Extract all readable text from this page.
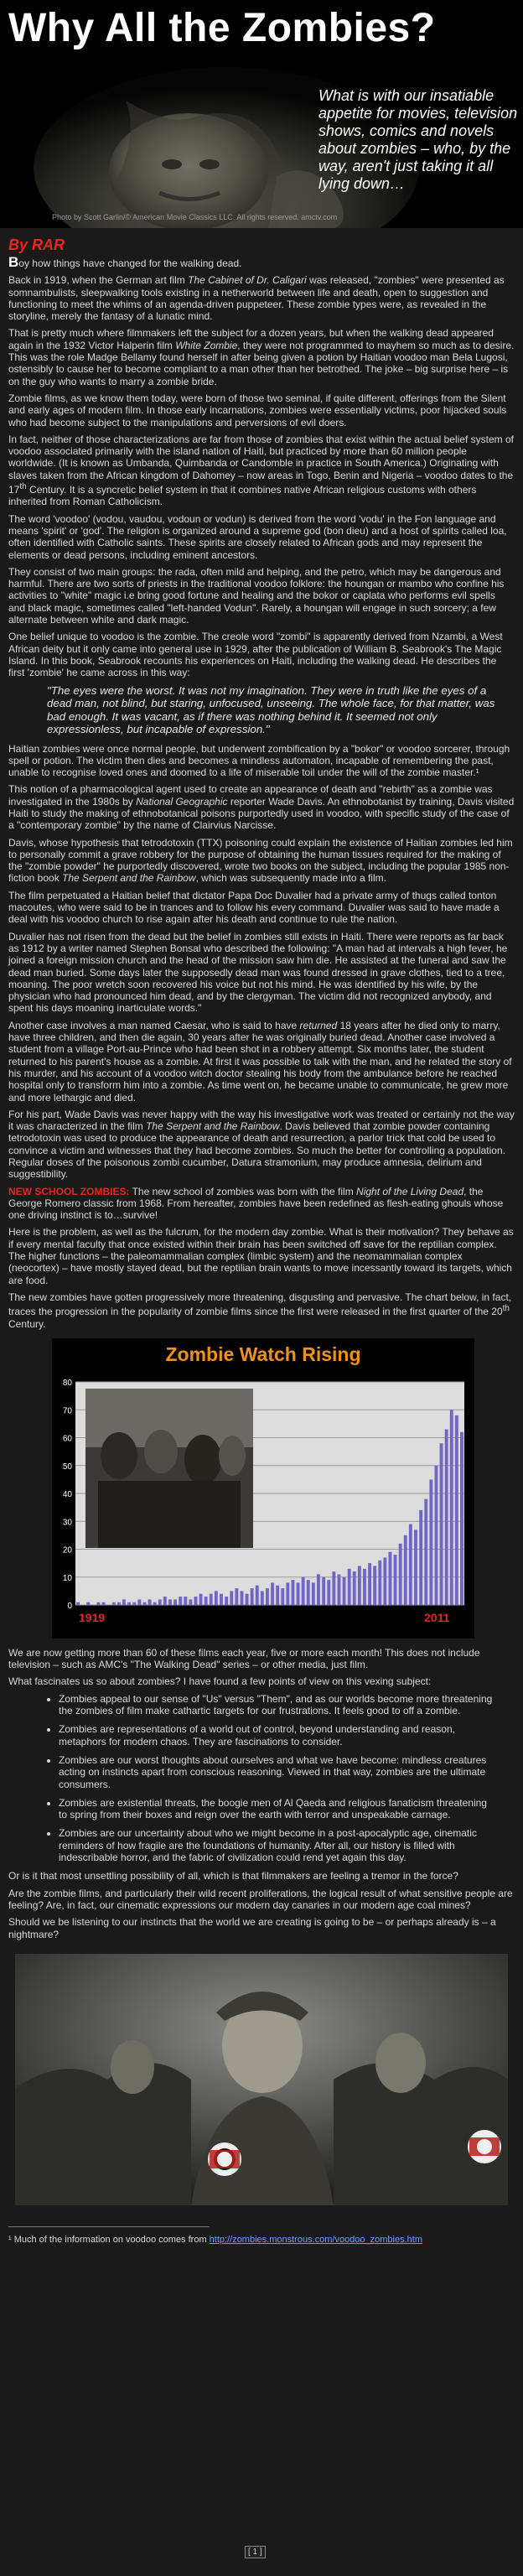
Why All the Zombies?
What is with our insatiable appetite for movies, television shows, comics and novels about zombies – who, by the way, aren't just taking it all lying down…
Photo by Scott Garlin/© American Movie Classics LLC. All rights reserved. amctv.com
By RAR

Boy how things have changed for the walking dead.

Back in 1919, when the German art film The Cabinet of Dr. Caligari was released, "zombies" were presented as somnambulists, sleepwalking tools existing in a netherworld between life and death, open to suggestion and functioning to meet the whims of an agenda-driven puppeteer. These zombie types were, as revealed in the storyline, merely the fantasy of a lunatic mind.

That is pretty much where filmmakers left the subject for a dozen years, but when the walking dead appeared again in the 1932 Victor Halperin film White Zombie, they were not programmed to mayhem so much as to desire. This was the role Madge Bellamy found herself in after being given a potion by Haitian voodoo man Bela Lugosi, ostensibly to cause her to become compliant to a man other than her betrothed. The joke – big surprise here – is on the guy who wants to marry a zombie bride.

Zombie films, as we know them today, were born of those two seminal, if quite different, offerings from the Silent and early ages of modern film. In those early incarnations, zombies were essentially victims, poor hijacked souls who had become subject to the manipulations and perversions of evil doers.

In fact, neither of those characterizations are far from those of zombies that exist within the actual belief system of voodoo associated primarily with the island nation of Haiti, but practiced by more than 60 million people worldwide. (It is known as Umbanda, Quimbanda or Candomble in practice in South America.) Originating with slaves taken from the African kingdom of Dahomey – now areas in Togo, Benin and Nigeria – voodoo dates to the 17th Century. It is a syncretic belief system in that it combines native African religious customs with others inherited from Roman Catholicism.

The word 'voodoo' (vodou, vaudou, vodoun or vodun) is derived from the word 'vodu' in the Fon language and means 'spirit' or 'god'. The religion is organized around a supreme god (bon dieu) and a host of spirits called loa, often identified with Catholic saints. These spirits are closely related to African gods and may represent the elements or dead persons, including eminent ancestors.

They consist of two main groups: the rada, often mild and helping, and the petro, which may be dangerous and harmful. There are two sorts of priests in the traditional voodoo folklore: the houngan or mambo who confine his activities to "white" magic i.e bring good fortune and healing and the bokor or caplata who performs evil spells and black magic, sometimes called "left-handed Vodun". Rarely, a houngan will engage in such sorcery; a few alternate between white and dark magic.

One belief unique to voodoo is the zombie. The creole word "zombi" is apparently derived from Nzambi, a West African deity but it only came into general use in 1929, after the publication of William B. Seabrook's The Magic Island. In this book, Seabrook recounts his experiences on Haiti, including the walking dead. He describes the first 'zombie' he came across in this way:

"The eyes were the worst. It was not my imagination. They were in truth like the eyes of a dead man, not blind, but staring, unfocused, unseeing. The whole face, for that matter, was bad enough. It was vacant, as if there was nothing behind it. It seemed not only expressionless, but incapable of expression."

Haitian zombies were once normal people, but underwent zombification by a "bokor" or voodoo sorcerer, through spell or potion. The victim then dies and becomes a mindless automaton, incapable of remembering the past, unable to recognise loved ones and doomed to a life of miserable toil under the will of the zombie master.¹

This notion of a pharmacological agent used to create an appearance of death and "rebirth" as a zombie was investigated in the 1980s by National Geographic reporter Wade Davis. An ethnobotanist by training, Davis visited Haiti to study the making of ethnobotanical poisons purportedly used in voodoo, with specific study of the case of a "contemporary zombie" by the name of Clairvius Narcisse.

Davis, whose hypothesis that tetrodotoxin (TTX) poisoning could explain the existence of Haitian zombies led him to personally commit a grave robbery for the purpose of obtaining the human tissues required for the making of the "zombie powder" he purportedly discovered, wrote two books on the subject, including the popular 1985 non-fiction book The Serpent and the Rainbow, which was subsequently made into a film.

The film perpetuated a Haitian belief that dictator Papa Doc Duvalier had a private army of thugs called tonton macoutes, who were said to be in trances and to follow his every command. Duvalier was said to have made a deal with his voodoo church to rise again after his death and continue to rule the nation.

Duvalier has not risen from the dead but the belief in zombies still exists in Haiti. There were reports as far back as 1912 by a writer named Stephen Bonsal who described the following: "A man had at intervals a high fever, he joined a foreign mission church and the head of the mission saw him die. He assisted at the funeral and saw the dead man buried. Some days later the supposedly dead man was found dressed in grave clothes, tied to a tree, moaning. The poor wretch soon recovered his voice but not his mind. He was identified by his wife, by the physician who had pronounced him dead, and by the clergyman. The victim did not recognized anybody, and spent his days moaning inarticulate words."

Another case involves a man named Caesar, who is said to have returned 18 years after he died only to marry, have three children, and then die again, 30 years after he was originally buried dead. Another case involved a student from a village Port-au-Prince who had been shot in a robbery attempt. Six months later, the student returned to his parent's house as a zombie. At first it was possible to talk with the man, and he related the story of his murder, and his account of a voodoo witch doctor stealing his body from the ambulance before he reached hospital only to transform him into a zombie. As time went on, he became unable to communicate, he grew more and more lethargic and died.

For his part, Wade Davis was never happy with the way his investigative work was treated or certainly not the way it was characterized in the film The Serpent and the Rainbow. Davis believed that zombie powder containing tetrodotoxin was used to produce the appearance of death and resurrection, a parlor trick that cold be used to convince a victim and witnesses that they had become zombies. So much the better for controlling a population. Regular doses of the poisonous zombi cucumber, Datura stramonium, may produce amnesia, delirium and suggestibility.

NEW SCHOOL ZOMBIES: The new school of zombies was born with the film Night of the Living Dead, the George Romero classic from 1968. From hereafter, zombies have been redefined as flesh-eating ghouls whose one driving instinct is to…survive!

Here is the problem, as well as the fulcrum, for the modern day zombie. What is their motivation? They behave as if every mental faculty that once existed within their brain has been switched off save for the reptilian complex. The higher functions – the paleomammalian complex (limbic system) and the neomammalian complex (neocortex) – have mostly stayed dead, but the reptilian brain wants to move incessantly toward its targets, which are food.

The new zombies have gotten progressively more threatening, disgusting and pervasive. The chart below, in fact, traces the progression in the popularity of zombie films since the first were released in the first quarter of the 20th Century.

Zombie Watch Rising
0
10
20
30
40
50
60
70
80
1919	2011

We are now getting more than 60 of these films each year, five or more each month! This does not include television – such as AMC's "The Walking Dead" series – or other media, just film.

What fascinates us so about zombies? I have found a few points of view on this vexing subject:

• Zombies appeal to our sense of "Us" versus "Them", and as our worlds become more threatening the zombies of film make cathartic targets for our frustrations. It feels good to off a zombie.
• Zombies are representations of a world out of control, beyond understanding and reason, metaphors for modern chaos. They are fascinations to consider.
• Zombies are our worst thoughts about ourselves and what we have become: mindless creatures acting on instincts apart from conscious reasoning. Viewed in that way, zombies are the ultimate consumers.
• Zombies are existential threats, the boogie men of Al Qaeda and religious fanaticism threatening to spring from their boxes and reign over the earth with terror and unspeakable carnage.
• Zombies are our uncertainty about who we might become in a post-apocalyptic age, cinematic reminders of how fragile are the foundations of humanity. After all, our history is filled with indescribable horror, and the fabric of civilization could rend yet again this day.

Or is it that most unsettling possibility of all, which is that filmmakers are feeling a tremor in the force?

Are the zombie films, and particularly their wild recent proliferations, the logical result of what sensitive people are feeling? Are, in fact, our cinematic expressions our modern day canaries in our modern age coal mines?

Should we be listening to our instincts that the world we are creating is going to be – or perhaps already is – a nightmare?

¹ Much of the information on voodoo comes from http://zombies.monstrous.com/voodoo_zombies.htm

[ 1 ]
